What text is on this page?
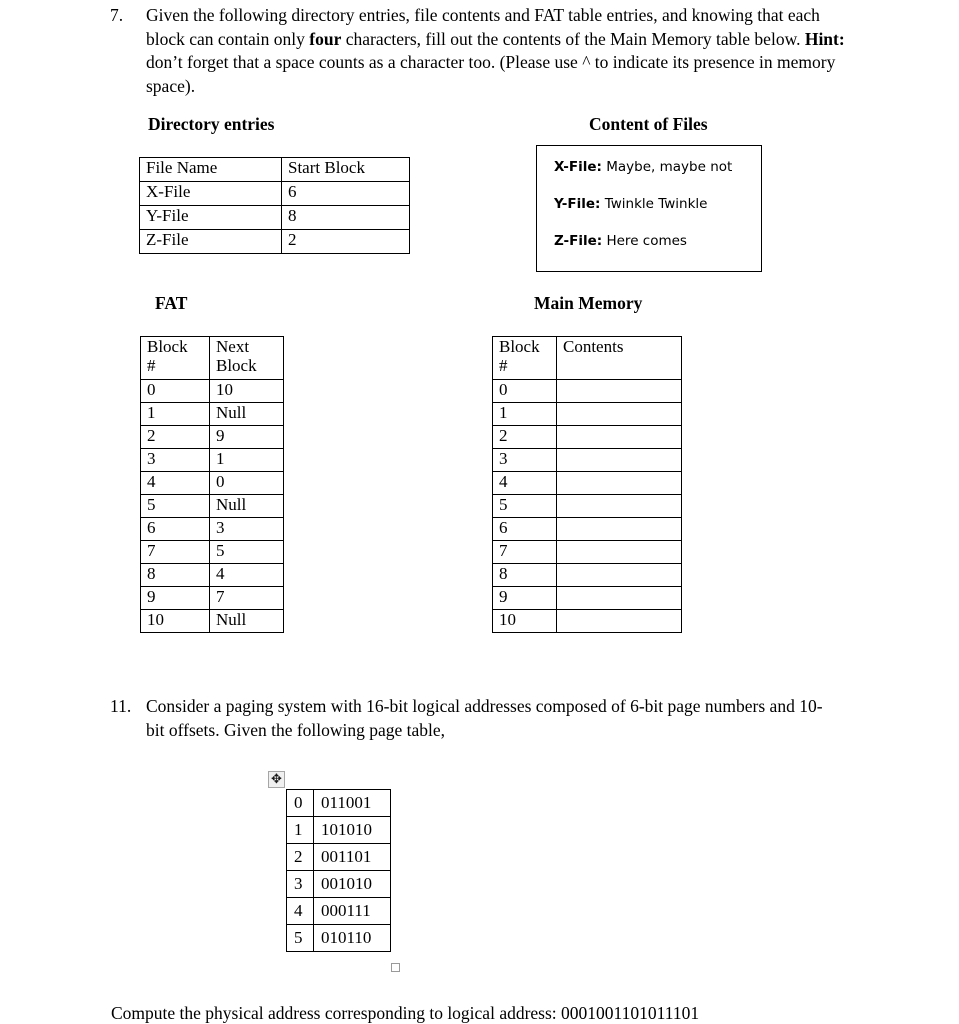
7.	Given the following directory entries, file contents and FAT table entries, and knowing that each block can contain only four characters, fill out the contents of the Main Memory table below. Hint: don’t forget that a space counts as a character too. (Please use ^ to indicate its presence in memory space).
Directory entries
File Name	Start Block
X-File	6
Y-File	8
Z-File	2
Content of Files
X-File: Maybe, maybe not
Y-File: Twinkle Twinkle
Z-File: Here comes
FAT
Block
#	Next
Block

0	10
1	Null
2	9
3	1
4	0
5	Null
6	3
7	5
8	4
9	7
10	Null
Main Memory
Block
#	Contents

0	
1	
2	
3	
4	
5	
6	
7	
8	
9	
10	
11. Consider a paging system with 16-bit logical addresses composed of 6-bit page numbers and 10-bit offsets. Given the following page table,
✥
0	011001
1	101010
2	001101
3	001010
4	000111
5	010110
Compute the physical address corresponding to logical address: 0001001101011101
